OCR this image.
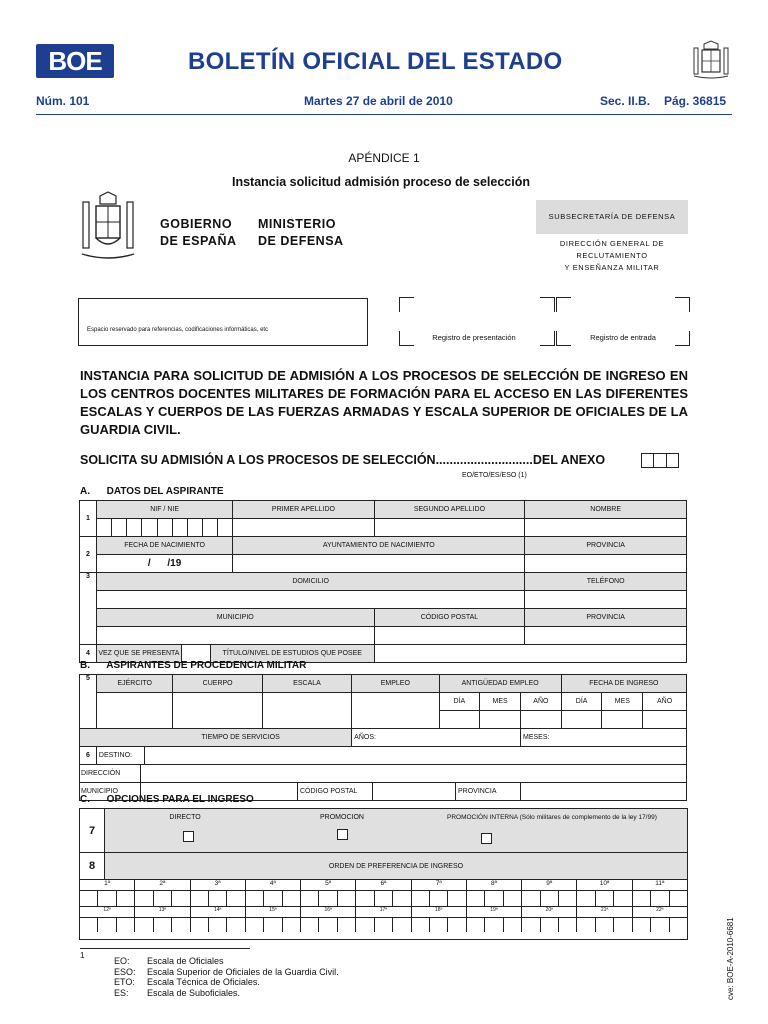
BOE	BOLETÍN OFICIAL DEL ESTADO
Núm. 101	Martes 27 de abril de 2010	Sec. II.B. Pág. 36815
APÉNDICE 1
Instancia solicitud admisión proceso de selección
GOBIERNO
DE ESPAÑA
MINISTERIO
DE DEFENSA
SUBSECRETARÍA DE DEFENSA
DIRECCIÓN GENERAL DE
RECLUTAMIENTO
Y ENSEÑANZA MILITAR
Espacio reservado para referencias, codificaciones informáticas, etc
Registro de presentación	Registro de entrada
INSTANCIA PARA SOLICITUD DE ADMISIÓN A LOS PROCESOS DE SELECCIÓN DE INGRESO EN LOS CENTROS DOCENTES MILITARES DE FORMACIÓN PARA EL ACCESO EN LAS DIFERENTES ESCALAS Y CUERPOS DE LAS FUERZAS ARMADAS Y ESCALA SUPERIOR DE OFICIALES DE LA GUARDIA CIVIL.
SOLICITA SU ADMISIÓN A LOS PROCESOS DE SELECCIÓN............................DEL ANEXO
EO/ETO/ES/ESO (1)
A.      DATOS DEL ASPIRANTE
1	NIF / NIE	PRIMER APELLIDO	SEGUNDO APELLIDO	NOMBRE

2	FECHA DE NACIMIENTO	AYUNTAMIENTO DE NACIMIENTO		PROVINCIA
	/      /19			
3	DOMICILIO			TELÉFONO

	MUNICIPIO		CÓDIGO POSTAL	PROVINCIA

4	VEZ QUE SE PRESENTA TÍTULO/NIVEL DE ESTUDIOS QUE POSEE			

B.      ASPIRANTES DE PROCEDENCIA MILITAR
5	EJÉRCITO	CUERPO	ESCALA	EMPLEO	ANTIGÜEDAD EMPLEO			FECHA DE INGRESO		
					DÍA	MES	AÑO	DÍA	MES	AÑO

TIEMPO DE SERVICIOS				AÑOS:			MESES:			
6	DESTINO:									

DIRECCIÓN										

MUNICIPIO CÓDIGO POSTAL PROVINCIA										
C.      OPCIONES PARA EL INGRESO
7
DIRECTO	PROMOCION	PROMOCIÓN INTERNA (Sólo militares de complemento de la ley 17/99)
8	ORDEN DE PREFERENCIA DE INGRESO
1ª	2ª	3ª	4ª	5ª	6ª	7ª	8ª	9ª	10ª	11ª
12ª	13ª	14ª	15ª	16ª	17ª	18ª	19ª	20ª	21ª	22ª
1
EO:	Escala de Oficiales
ESO:	Escala Superior de Oficiales de la Guardia Civil.
ETO:	Escala Técnica de Oficiales.
ES:	Escala de Suboficiales.	cve: BOE-A-2010-6681
